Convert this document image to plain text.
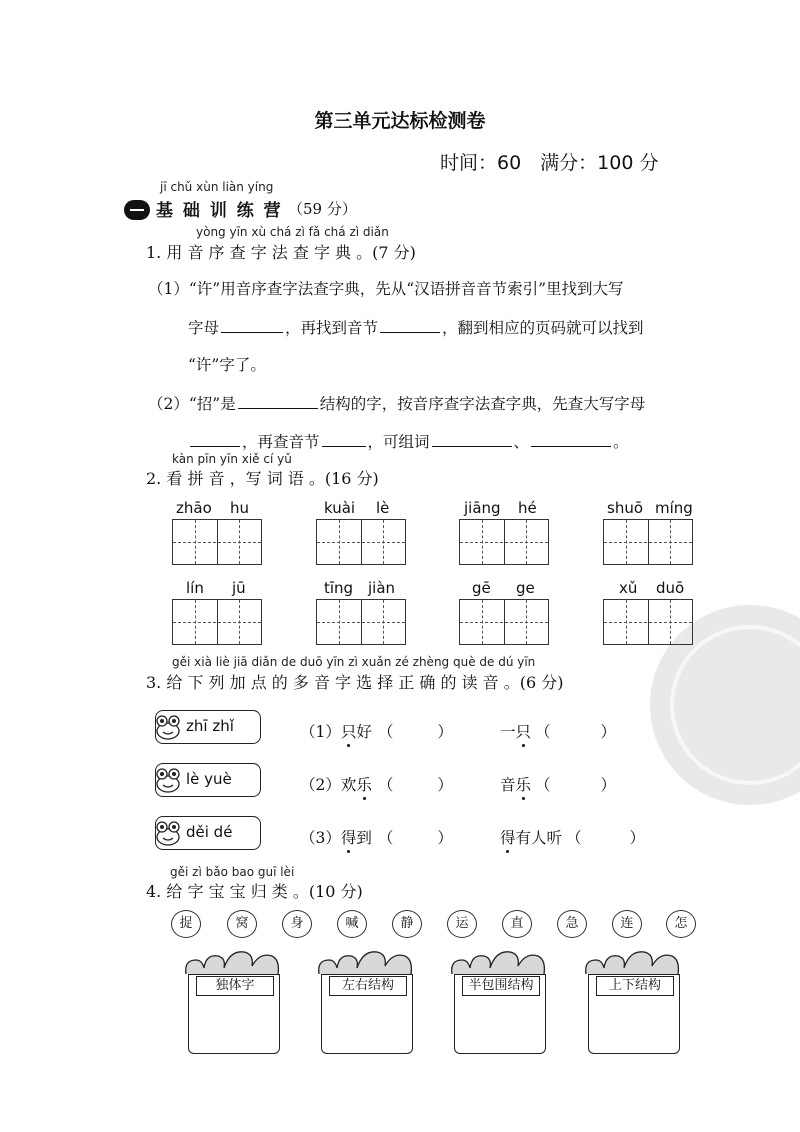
第三单元达标检测卷
时间：60　满分：100 分
jī chǔ xùn liàn yíng
基 础 训 练 营 （59 分）
yòng yīn xù chá zì fǎ chá zì diǎn
1. 用 音 序 查 字 法 查 字 典 。(7 分)
（1）“许”用音序查字法查字典，先从“汉语拼音音节索引”里找到大写
字母	，再找到音节	，翻到相应的页码就可以找到
“许”字了。
（2）“招”是	结构的字，按音序查字法查字典，先查大写字母
，再查音节	，可组词	、	。
kàn pīn yīn xiě cí yǔ
2. 看 拼 音 ，写 词 语 。(16 分)
zhāo hu	kuài lè	jiāng hé	shuō míng
lín jū	tīng jiàn	gē ge	xǔ duō
gěi xià liè jiā diǎn de duō yīn zì xuǎn zé zhèng què de dú yīn
3. 给 下 列 加 点 的 多 音 字 选 择 正 确 的 读 音 。(6 分)
zhī zhǐ
lè yuè
děi dé
（1）只好 （	）	一只 （	）
（2）欢乐 （	）	音乐 （	）
（3）得到 （	）	得有人听 （	）
gěi zì bǎo bao guī lèi
4. 给 字 宝 宝 归 类 。(10 分)
捉	窝	身	喊	静	运	直	急	连	怎
独体字	左右结构	半包围结构	上下结构
